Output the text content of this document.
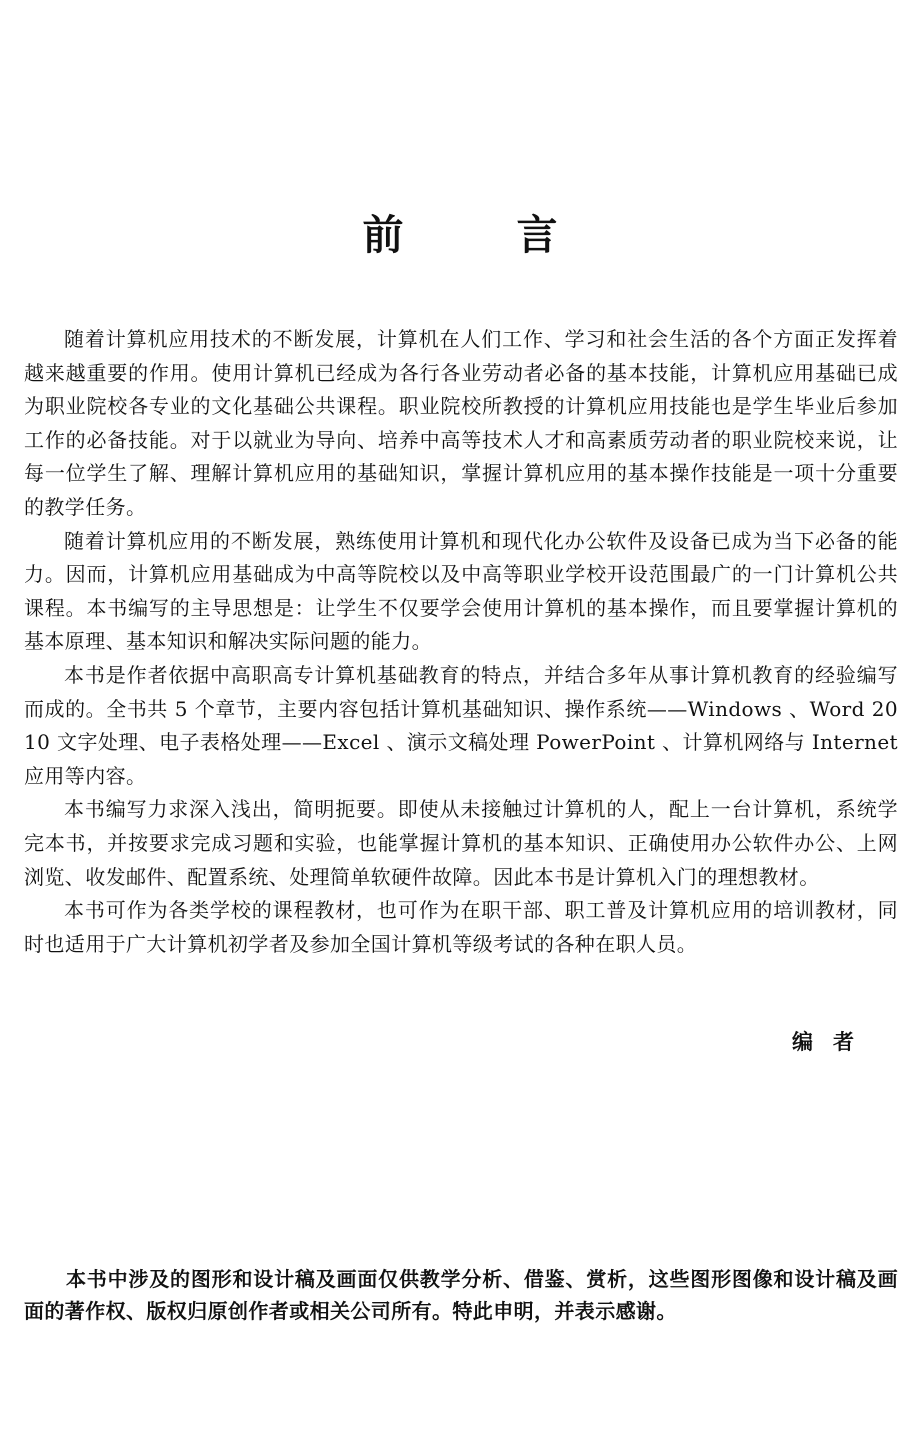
前　言

随着计算机应用技术的不断发展，计算机在人们工作、学习和社会生活的各个方面正发挥着越来越重要的作用。使用计算机已经成为各行各业劳动者必备的基本技能，计算机应用基础已成为职业院校各专业的文化基础公共课程。职业院校所教授的计算机应用技能也是学生毕业后参加工作的必备技能。对于以就业为导向、培养中高等技术人才和高素质劳动者的职业院校来说，让每一位学生了解、理解计算机应用的基础知识，掌握计算机应用的基本操作技能是一项十分重要的教学任务。

随着计算机应用的不断发展，熟练使用计算机和现代化办公软件及设备已成为当下必备的能力。因而，计算机应用基础成为中高等院校以及中高等职业学校开设范围最广的一门计算机公共课程。本书编写的主导思想是：让学生不仅要学会使用计算机的基本操作，而且要掌握计算机的基本原理、基本知识和解决实际问题的能力。

本书是作者依据中高职高专计算机基础教育的特点，并结合多年从事计算机教育的经验编写而成的。全书共 5 个章节，主要内容包括计算机基础知识、操作系统——Windows 、Word 2010 文字处理、电子表格处理——Excel 、演示文稿处理 PowerPoint 、计算机网络与 Internet 应用等内容。

本书编写力求深入浅出，简明扼要。即使从未接触过计算机的人，配上一台计算机，系统学完本书，并按要求完成习题和实验，也能掌握计算机的基本知识、正确使用办公软件办公、上网浏览、收发邮件、配置系统、处理简单软硬件故障。因此本书是计算机入门的理想教材。

本书可作为各类学校的课程教材，也可作为在职干部、职工普及计算机应用的培训教材，同时也适用于广大计算机初学者及参加全国计算机等级考试的各种在职人员。

编者

本书中涉及的图形和设计稿及画面仅供教学分析、借鉴、赏析，这些图形图像和设计稿及画面的著作权、版权归原创作者或相关公司所有。特此申明，并表示感谢。
